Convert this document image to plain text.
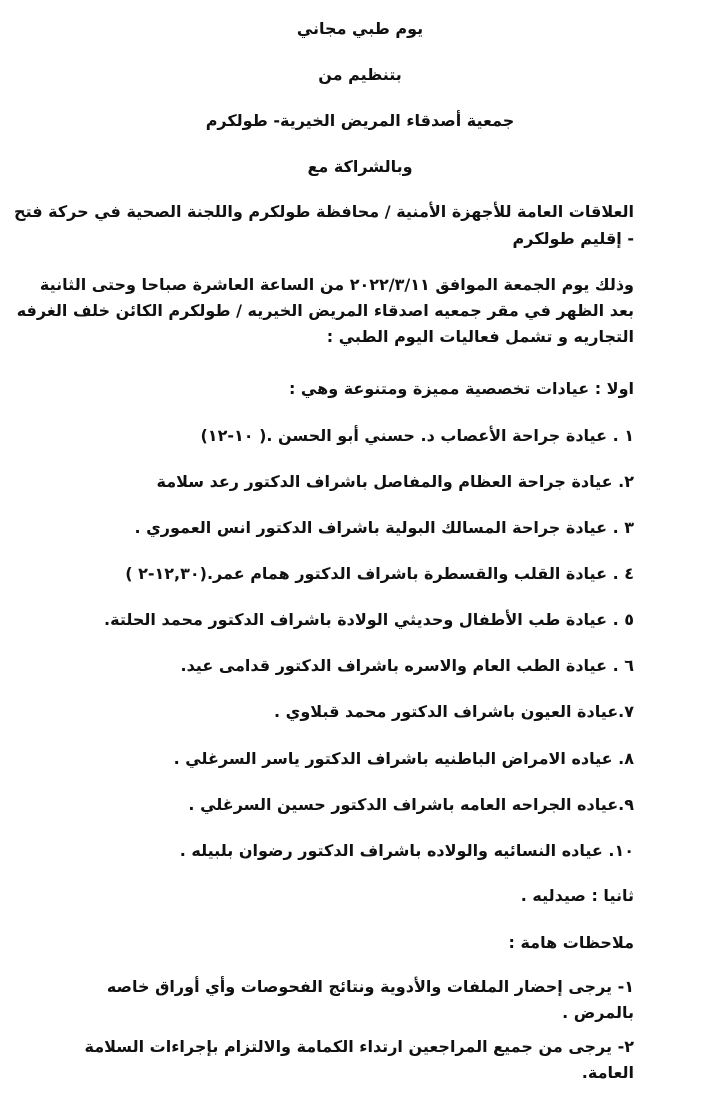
يوم طبي مجاني
بتنظيم من
جمعية أصدقاء المريض الخيرية- طولكرم
وبالشراكة مع
العلاقات العامة للأجهزة الأمنية / محافظة طولكرم واللجنة الصحية في حركة فتح
- إقليم طولكرم
وذلك يوم الجمعة الموافق ٢٠٢٢/٣/١١ من الساعة العاشرة صباحا وحتى الثانية
بعد الظهر في مقر جمعيه اصدقاء المريض الخيريه / طولكرم الكائن خلف الغرفه
التجاريه و تشمل فعاليات اليوم الطبي :
اولا : عيادات تخصصية مميزة ومتنوعة وهي :
١ . عيادة جراحة الأعصاب د. حسني أبو الحسن .( ١٠-١٢)
٢. عيادة جراحة العظام والمفاصل باشراف الدكتور رعد سلامة
٣ . عيادة جراحة المسالك البولية باشراف الدكتور انس العموري .
٤ . عيادة القلب والقسطرة باشراف الدكتور همام عمر.(١٢,٣٠-٢ )
٥ . عيادة طب الأطفال وحديثي الولادة باشراف الدكتور محمد الحلتة.
٦ . عيادة الطب العام والاسره باشراف الدكتور قدامى عيد.
٧.عيادة العيون باشراف الدكتور محمد قبلاوي .
٨. عياده الامراض الباطنيه باشراف الدكتور ياسر السرغلي .
٩.عياده الجراحه العامه باشراف الدكتور حسين السرغلي .
١٠. عياده النسائيه والولاده باشراف الدكتور رضوان بلبيله .
ثانيا : صيدليه .
ملاحظات هامة :
١- يرجى إحضار الملفات والأدوية ونتائج الفحوصات وأي أوراق خاصه
بالمرض .
٢- يرجى من جميع المراجعين ارتداء الكمامة والالتزام بإجراءات السلامة
العامة.
